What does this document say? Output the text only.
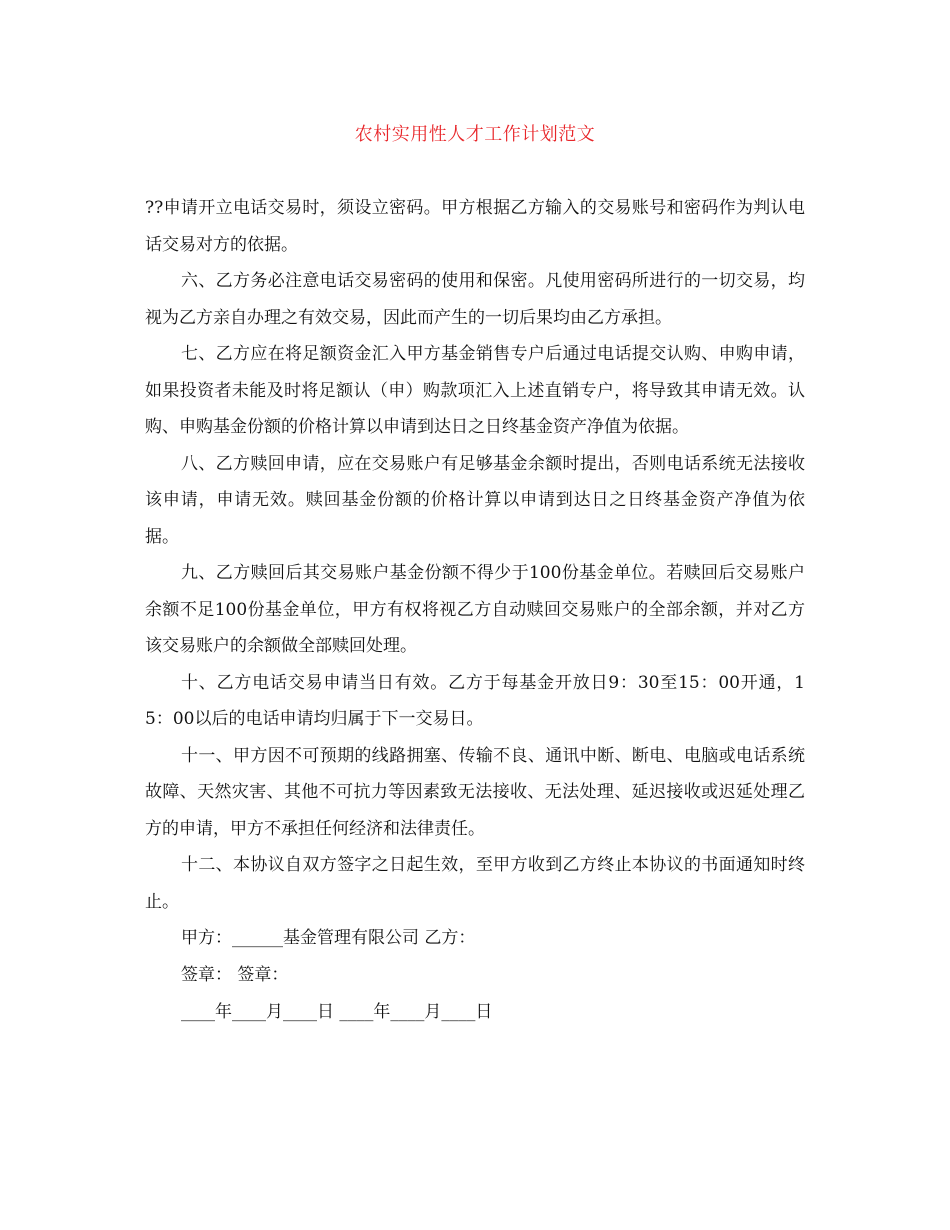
农村实用性人才工作计划范文

??申请开立电话交易时，须设立密码。甲方根据乙方输入的交易账号和密码作为判认电话交易对方的依据。

六、乙方务必注意电话交易密码的使用和保密。凡使用密码所进行的一切交易，均视为乙方亲自办理之有效交易，因此而产生的一切后果均由乙方承担。

七、乙方应在将足额资金汇入甲方基金销售专户后通过电话提交认购、申购申请，如果投资者未能及时将足额认（申）购款项汇入上述直销专户，将导致其申请无效。认购、申购基金份额的价格计算以申请到达日之日终基金资产净值为依据。

八、乙方赎回申请，应在交易账户有足够基金余额时提出，否则电话系统无法接收该申请，申请无效。赎回基金份额的价格计算以申请到达日之日终基金资产净值为依据。

九、乙方赎回后其交易账户基金份额不得少于100份基金单位。若赎回后交易账户余额不足100份基金单位，甲方有权将视乙方自动赎回交易账户的全部余额，并对乙方该交易账户的余额做全部赎回处理。

十、乙方电话交易申请当日有效。乙方于每基金开放日9：30至15：00开通，15：00以后的电话申请均归属于下一交易日。

十一、甲方因不可预期的线路拥塞、传输不良、通讯中断、断电、电脑或电话系统故障、天然灾害、其他不可抗力等因素致无法接收、无法处理、延迟接收或迟延处理乙方的申请，甲方不承担任何经济和法律责任。

十二、本协议自双方签字之日起生效，至甲方收到乙方终止本协议的书面通知时终止。

甲方：______基金管理有限公司 乙方：

签章： 签章：

____年____月____日 ____年____月____日
